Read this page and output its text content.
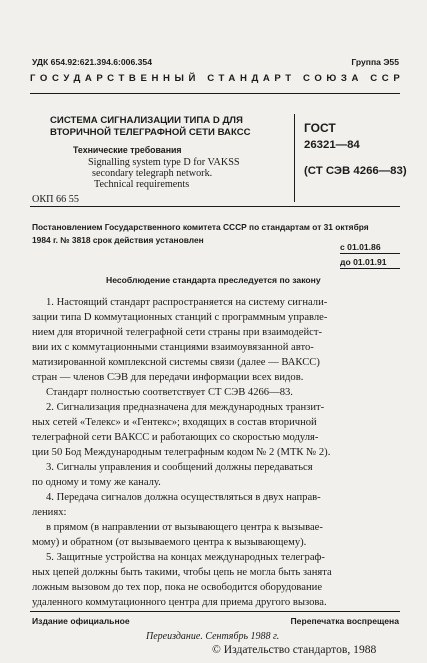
УДК 654.92:621.394.6:006.354	Группа Э55
ГОСУДАРСТВЕННЫЙ СТАНДАРТ СОЮЗА ССР
СИСТЕМА СИГНАЛИЗАЦИИ ТИПА D ДЛЯ
ВТОРИЧНОЙ ТЕЛЕГРАФНОЙ СЕТИ ВАКСС
Технические требования
Signalling system type D for VAKSS
secondary telegraph network.
Technical requirements
ОКП 66 55
ГОСТ
26321—84
(СТ СЭВ 4266—83)
Постановлением Государственного комитета СССР по стандартам от 31 октября
1984 г. № 3818 срок действия установлен
с 01.01.86
до 01.01.91
Несоблюдение стандарта преследуется по закону
1. Настоящий стандарт распространяется на систему сигнали-
зации типа D коммутационных станций с программным управле-
нием для вторичной телеграфной сети страны при взаимодейст-
вии их с коммутационными станциями взаимоувязанной авто-
матизированной комплексной системы связи (далее — ВАКСС)
стран — членов СЭВ для передачи информации всех видов.
Стандарт полностью соответствует СТ СЭВ 4266—83.
2. Сигнализация предназначена для международных транзит-
ных сетей «Телекс» и «Гентекс»; входящих в состав вторичной
телеграфной сети ВАКСС и работающих со скоростью модуля-
ции 50 Бод Международным телеграфным кодом № 2 (МТК № 2).
3. Сигналы управления и сообщений должны передаваться
по одному и тому же каналу.
4. Передача сигналов должна осуществляться в двух направ-
лениях:
в прямом (в направлении от вызывающего центра к вызывае-
мому) и обратном (от вызываемого центра к вызывающему).
5. Защитные устройства на концах международных телеграф-
ных цепей должны быть такими, чтобы цепь не могла быть занята
ложным вызовом до тех пор, пока не освободится оборудование
удаленного коммутационного центра для приема другого вызова.
Издание официальное	Перепечатка воспрещена
Переиздание. Сентябрь 1988 г.
© Издательство стандартов, 1988
